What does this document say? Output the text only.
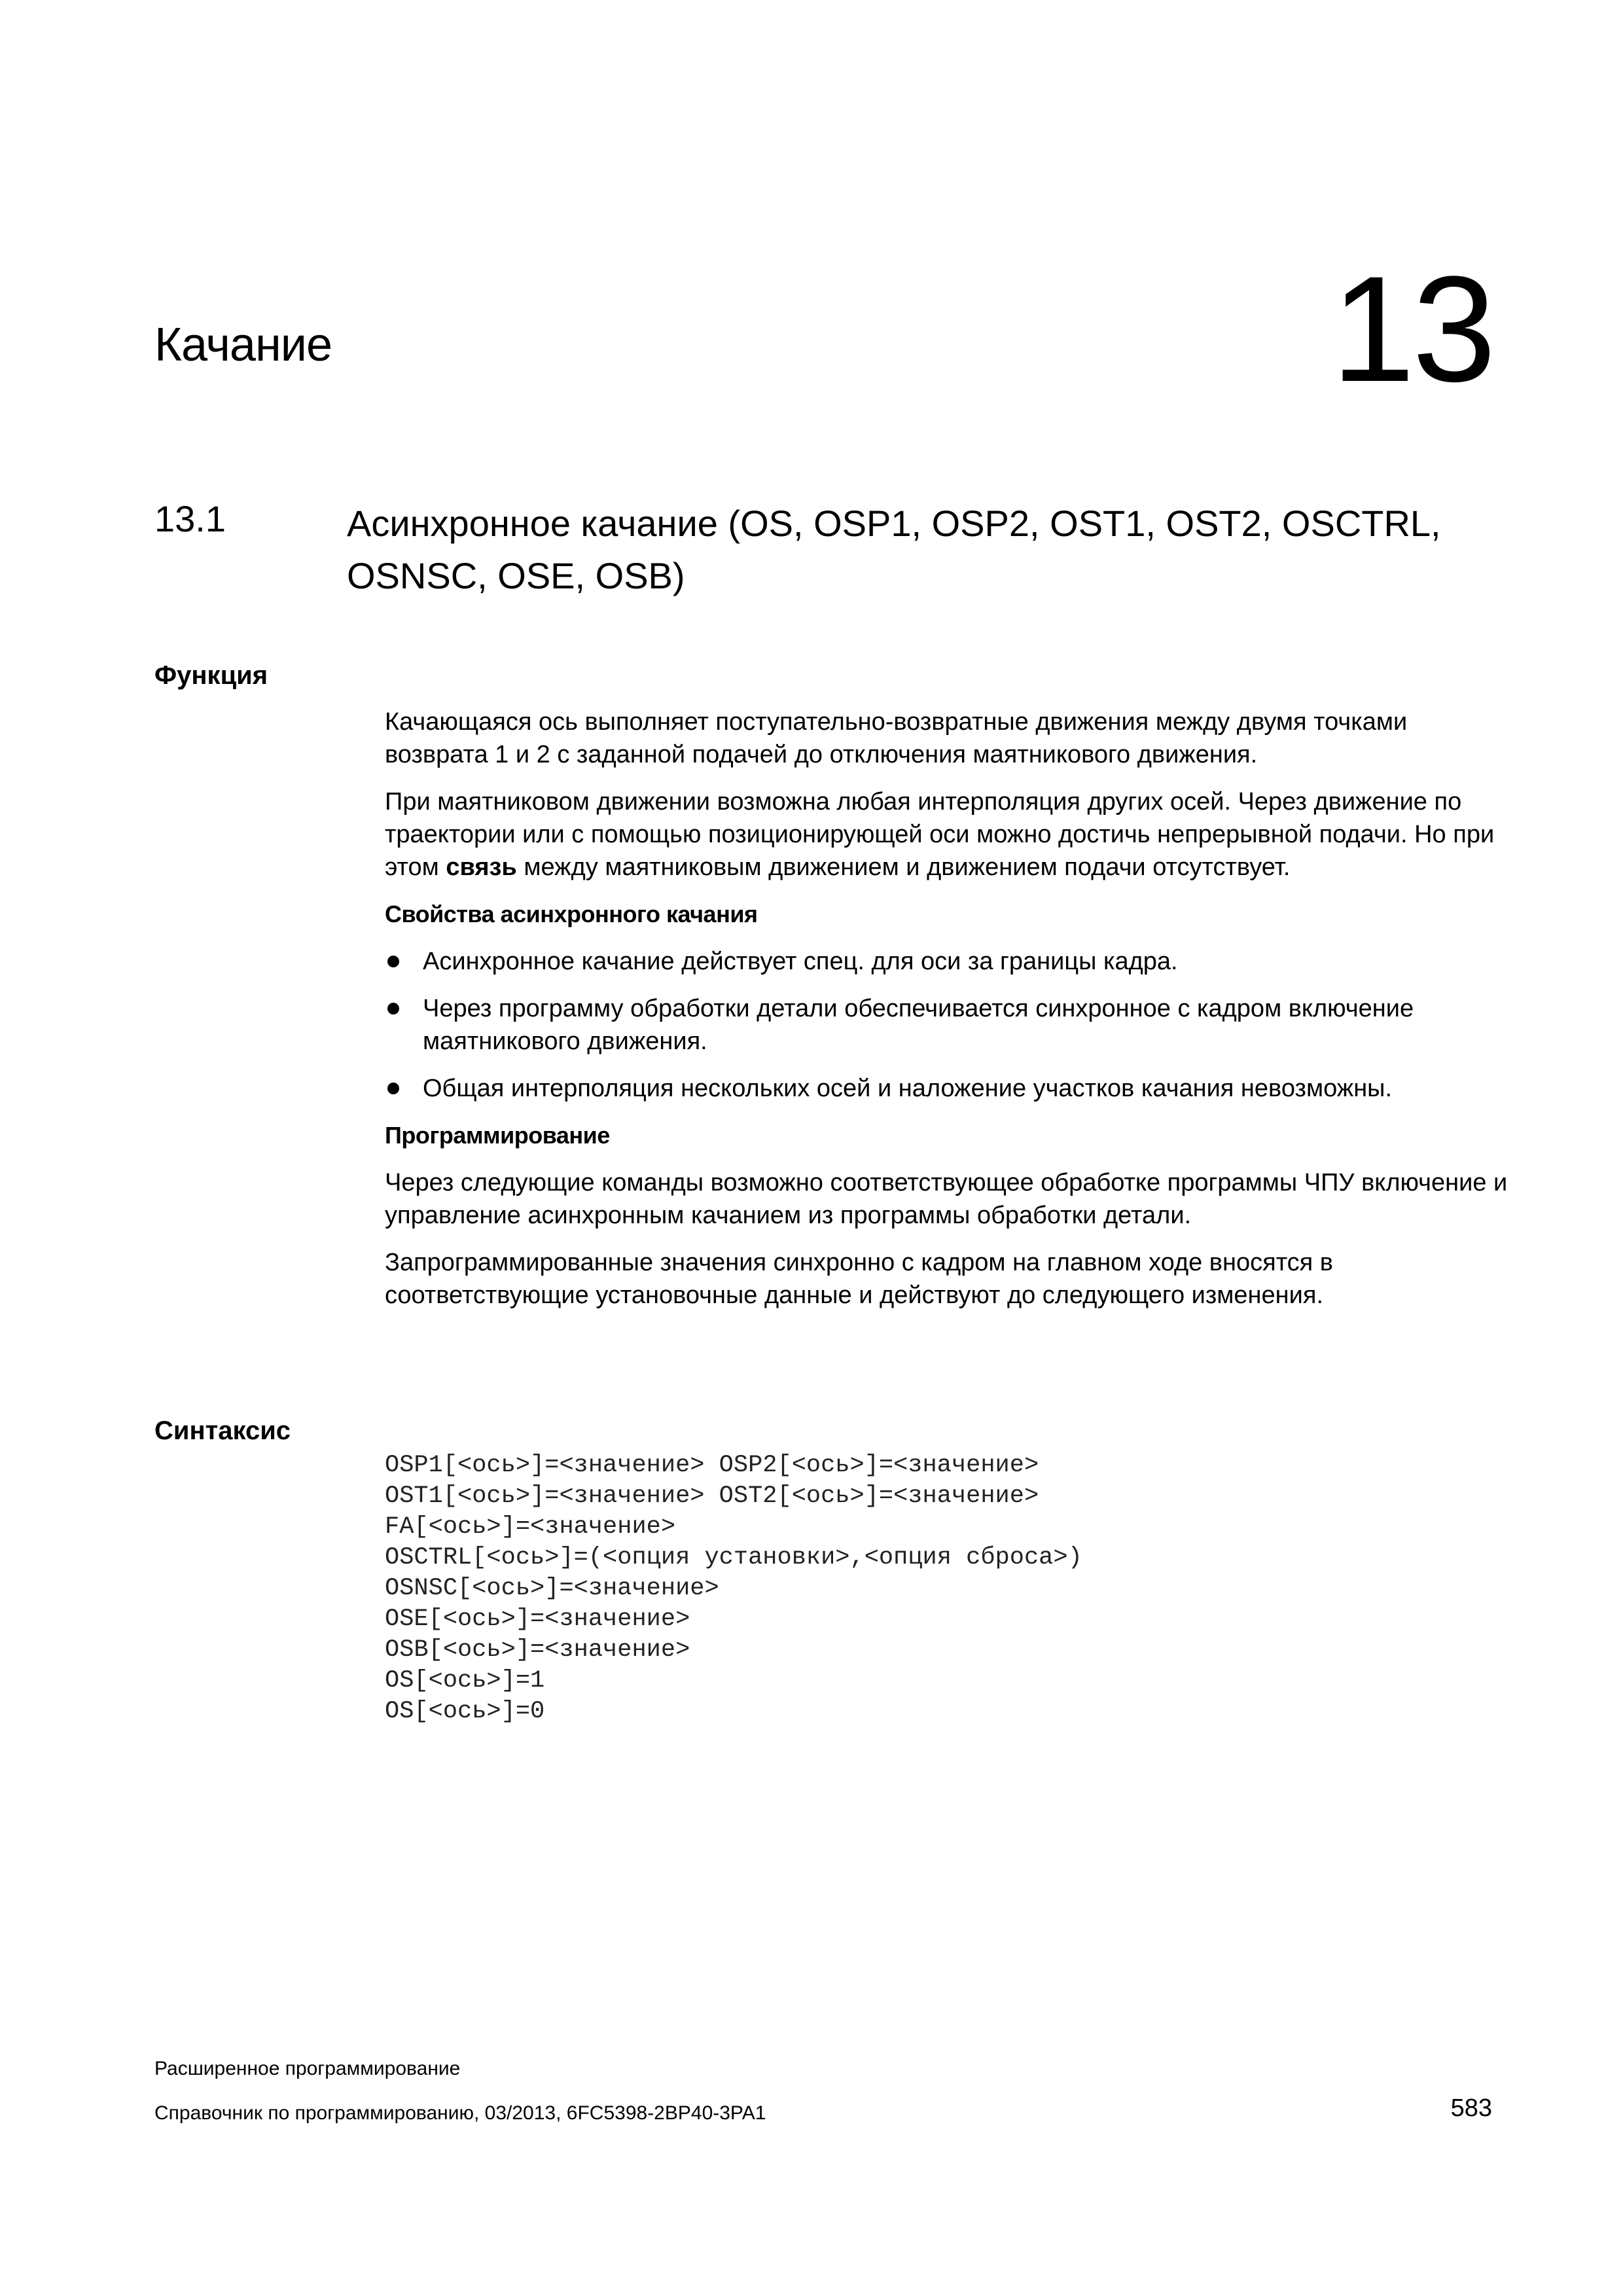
Качание	13
13.1	Асинхронное качание (OS, OSP1, OSP2, OST1, OST2, OSCTRL, OSNSC, OSE, OSB)
Функция

Качающаяся ось выполняет поступательно-возвратные движения между двумя точками возврата 1 и 2 с заданной подачей до отключения маятникового движения.

При маятниковом движении возможна любая интерполяция других осей. Через движение по траектории или с помощью позиционирующей оси можно достичь непрерывной подачи. Но при этом связь между маятниковым движением и движением подачи отсутствует.

Свойства асинхронного качания
Асинхронное качание действует спец. для оси за границы кадра.
Через программу обработки детали обеспечивается синхронное с кадром включение маятникового движения.
Общая интерполяция нескольких осей и наложение участков качания невозможны.
Программирование

Через следующие команды возможно соответствующее обработке программы ЧПУ включение и управление асинхронным качанием из программы обработки детали.

Запрограммированные значения синхронно с кадром на главном ходе вносятся в соответствующие установочные данные и действуют до следующего изменения.

Синтаксис
OSP1[<ось>]=<значение> OSP2[<ось>]=<значение>
OST1[<ось>]=<значение> OST2[<ось>]=<значение>
FA[<ось>]=<значение>
OSCTRL[<ось>]=(<опция установки>,<опция сброса>)
OSNSC[<ось>]=<значение>
OSE[<ось>]=<значение>
OSB[<ось>]=<значение>
OS[<ось>]=1
OS[<ось>]=0
Расширенное программирование
Справочник по программированию, 03/2013, 6FC5398-2BP40-3PA1	583
